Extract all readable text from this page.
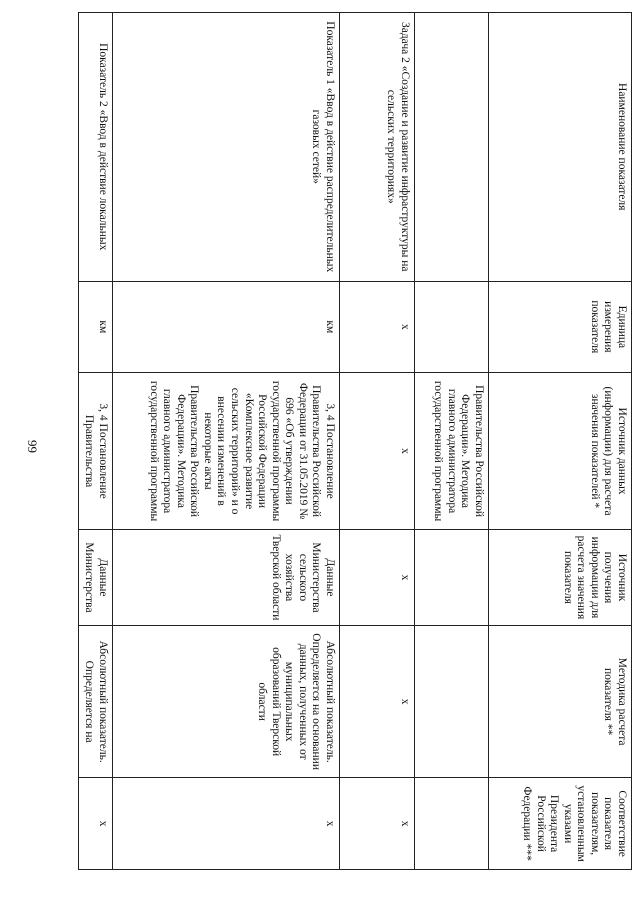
99
Наименование показателя	Единица измерения показателя	Источник данных (информации) для расчета значения показателей *	Источник получения информации для расчета значения показателя	Методика расчета показателя **	Соответствие показателя показателям, установленным указами Президента Российской Федерации ***
		Правительства Российской Федерации». Методика главного администратора государственной программы			
Задача 2 «Создание и развитие инфраструктуры на сельских территориях»	х	х	х	х	х
Показатель 1 «Ввод в действие распределительных газовых сетей»	км	3, 4 Постановление Правительства Российской Федерации от 31.05.2019 № 696 «Об утверждении государственной программы Российской Федерации «Комплексное развитие сельских территорий» и о внесении изменений в некоторые акты Правительства Российской Федерации». Методика главного администратора государственной программы	Данные Министерства сельского хозяйства Тверской области	Абсолютный показатель. Определяется на основании данных, полученных от муниципальных образований Тверской области	х
Показатель 2 «Ввод в действие локальных	км	3, 4 Постановление Правительства	Данные Министерства	Абсолютный показатель. Определяется на	х
